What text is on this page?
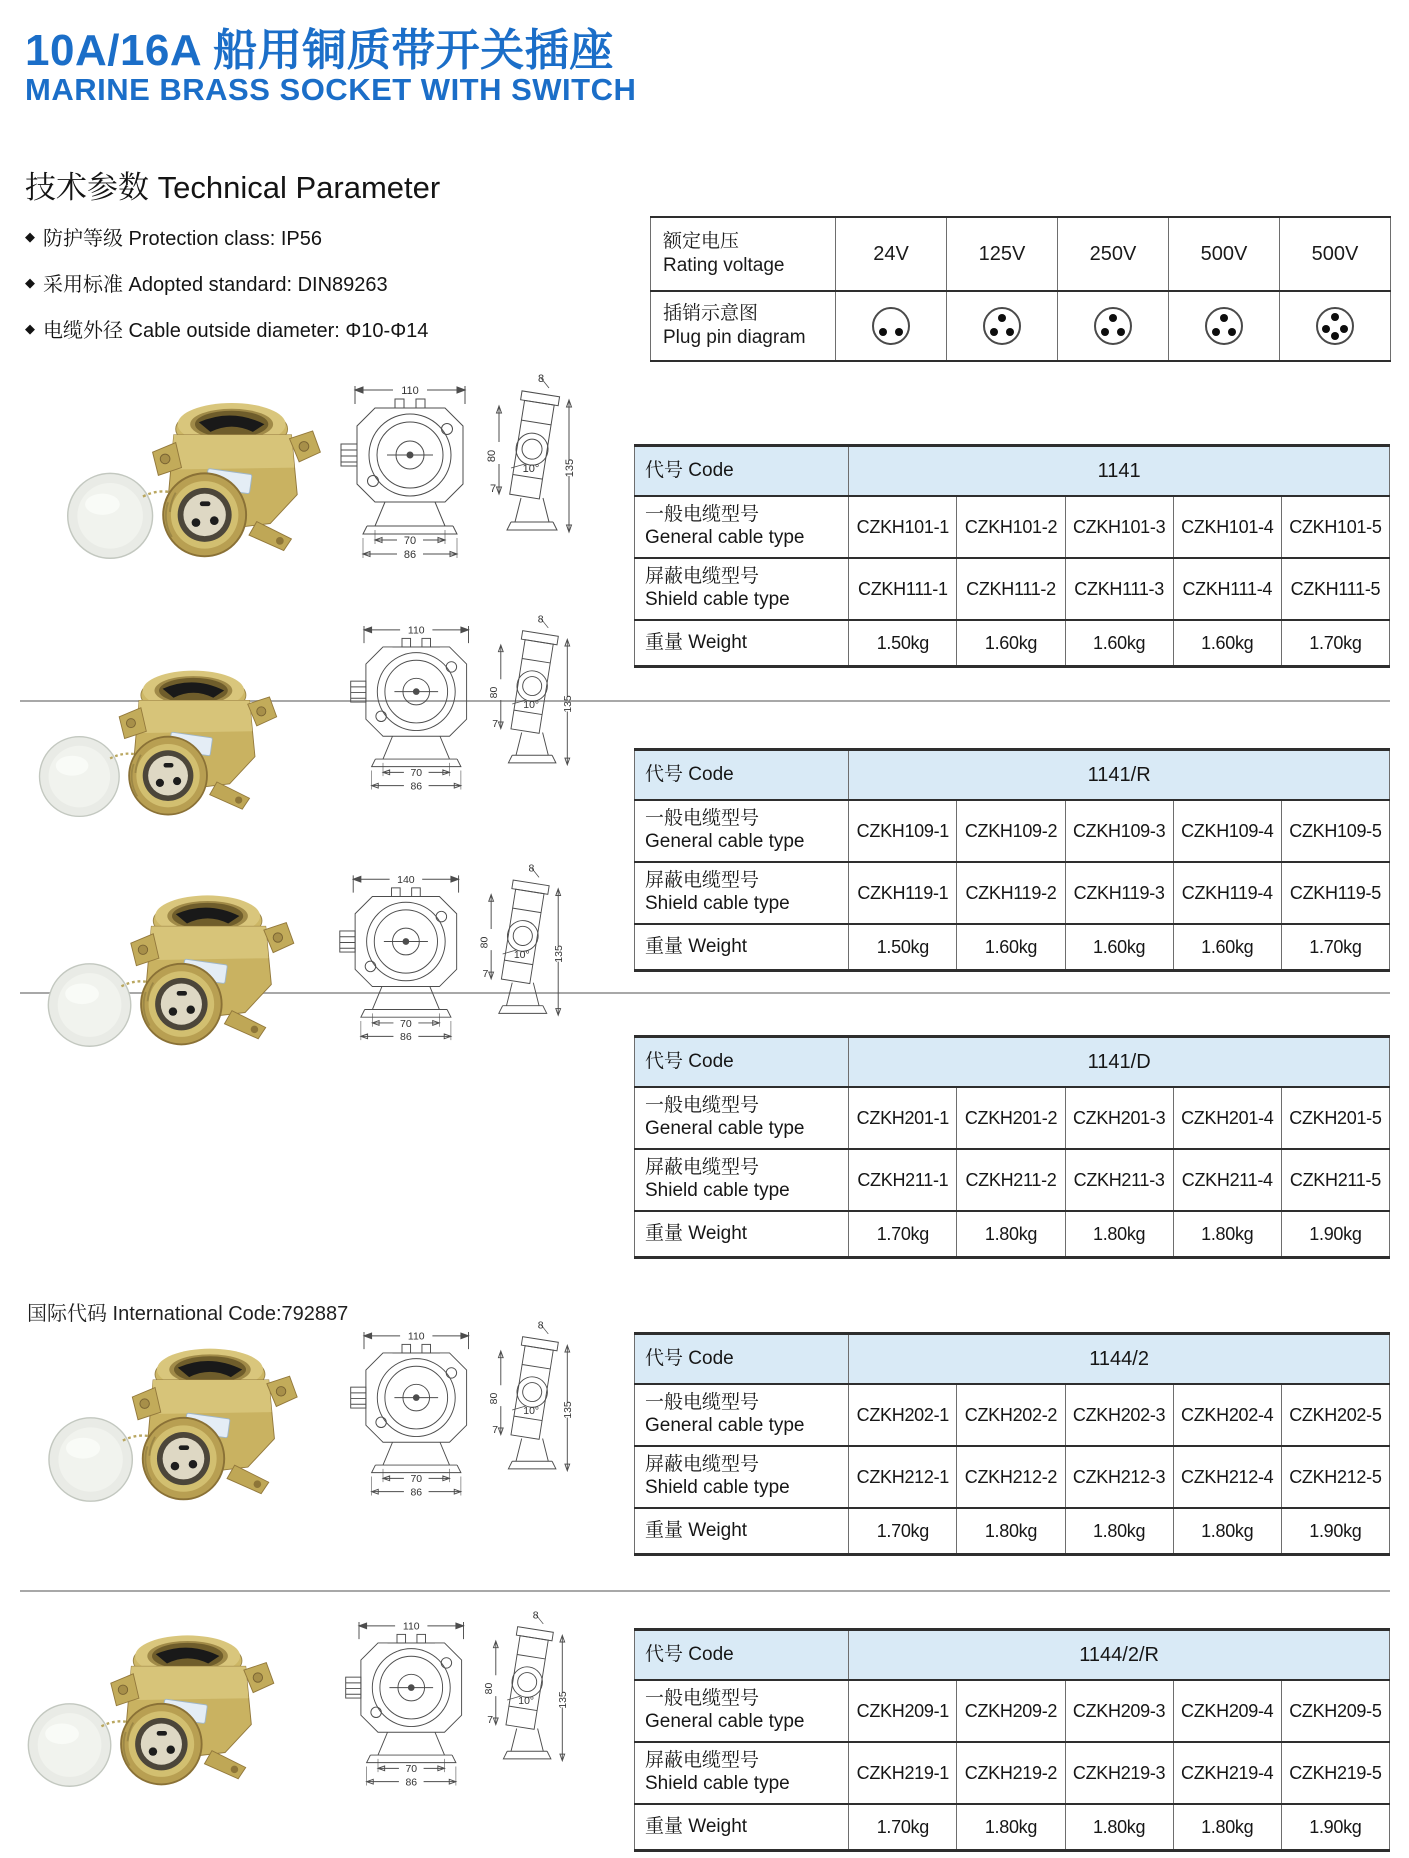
10A/16A 船用铜质带开关插座
MARINE BRASS SOCKET WITH SWITCH
技术参数 Technical Parameter
◆ 防护等级 Protection class: IP56
◆ 采用标准 Adopted standard: DIN89263
◆ 电缆外径 Cable outside diameter: Φ10-Φ14
额定电压
Rating voltage	24V	125V	250V	500V	500V
插销示意图
Plug pin diagram	

110
70
86
80
10° 135
8
7
代号 Code	1141				
一般电缆型号
General cable type	CZKH101-1	CZKH101-2	CZKH101-3	CZKH101-4	CZKH101-5
屏蔽电缆型号
Shield cable type	CZKH111-1	CZKH111-2	CZKH111-3	CZKH111-4	CZKH111-5
重量 Weight	1.50kg	1.60kg	1.60kg	1.60kg	1.70kg
110
70
86
80
10° 135
8
7
代号 Code	1141/R				
一般电缆型号
General cable type	CZKH109-1	CZKH109-2	CZKH109-3	CZKH109-4	CZKH109-5
屏蔽电缆型号
Shield cable type	CZKH119-1	CZKH119-2	CZKH119-3	CZKH119-4	CZKH119-5
重量 Weight	1.50kg	1.60kg	1.60kg	1.60kg	1.70kg
140
70
86
80
10° 135
8
7
代号 Code	1141/D				
一般电缆型号
General cable type	CZKH201-1	CZKH201-2	CZKH201-3	CZKH201-4	CZKH201-5
屏蔽电缆型号
Shield cable type	CZKH211-1	CZKH211-2	CZKH211-3	CZKH211-4	CZKH211-5
重量 Weight	1.70kg	1.80kg	1.80kg	1.80kg	1.90kg
国际代码 International Code:792887
110
70
86
80
10° 135
8
7
代号 Code	1144/2				
一般电缆型号
General cable type	CZKH202-1	CZKH202-2	CZKH202-3	CZKH202-4	CZKH202-5
屏蔽电缆型号
Shield cable type	CZKH212-1	CZKH212-2	CZKH212-3	CZKH212-4	CZKH212-5
重量 Weight	1.70kg	1.80kg	1.80kg	1.80kg	1.90kg
110
70
86
80
10° 135
8
7
代号 Code	1144/2/R				
一般电缆型号
General cable type	CZKH209-1	CZKH209-2	CZKH209-3	CZKH209-4	CZKH209-5
屏蔽电缆型号
Shield cable type	CZKH219-1	CZKH219-2	CZKH219-3	CZKH219-4	CZKH219-5
重量 Weight	1.70kg	1.80kg	1.80kg	1.80kg	1.90kg
